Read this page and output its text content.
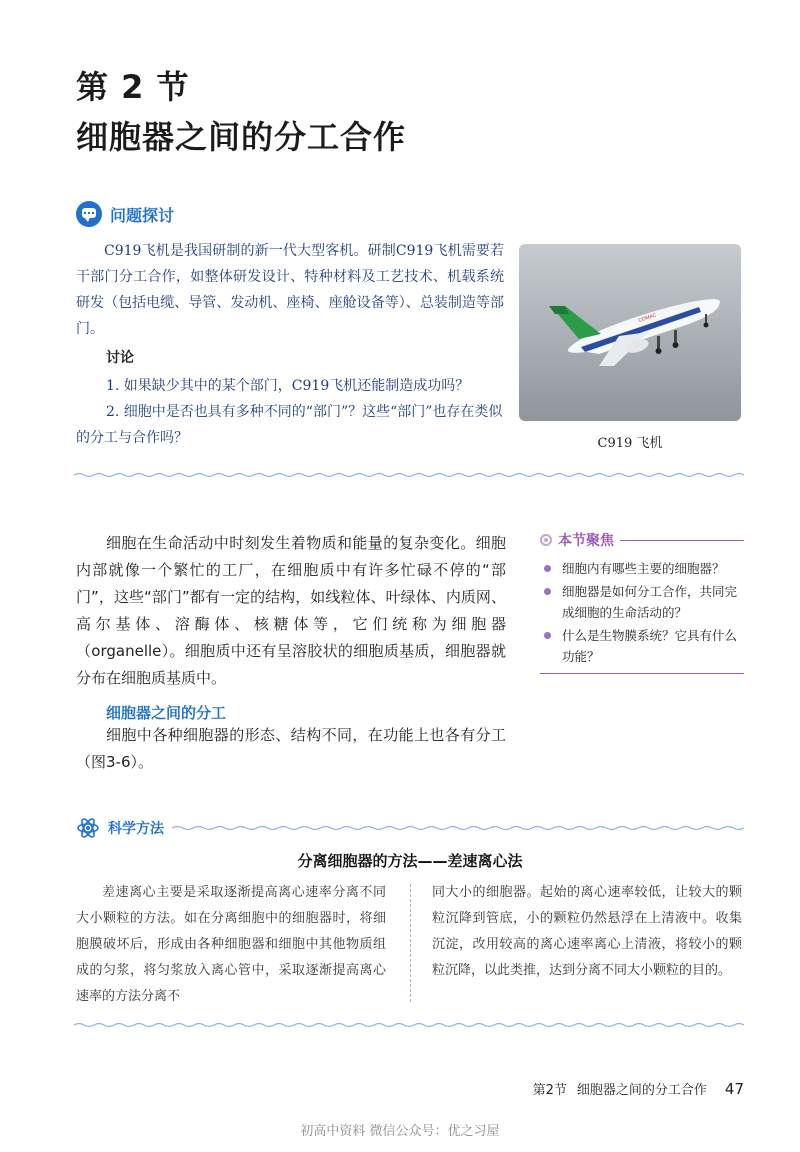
第 2 节
细胞器之间的分工合作
问题探讨

C919飞机是我国研制的新一代大型客机。研制C919飞机需要若干部门分工合作，如整体研发设计、特种材料及工艺技术、机载系统研发（包括电缆、导管、发动机、座椅、座舱设备等）、总装制造等部门。

讨论
1. 如果缺少其中的某个部门，C919飞机还能制造成功吗？
2. 细胞中是否也具有多种不同的“部门”？这些“部门”也存在类似的分工与合作吗？
COMAC
C919 飞机

细胞在生命活动中时刻发生着物质和能量的复杂变化。细胞内部就像一个繁忙的工厂，在细胞质中有许多忙碌不停的“部门”，这些“部门”都有一定的结构，如线粒体、叶绿体、内质网、高尔基体、溶酶体、核糖体等，它们统称为细胞器（organelle）。细胞质中还有呈溶胶状的细胞质基质，细胞器就分布在细胞质基质中。

本节聚焦
细胞内有哪些主要的细胞器？
细胞器是如何分工合作，共同完成细胞的生命活动的？
什么是生物膜系统？它具有什么功能？
细胞器之间的分工

细胞中各种细胞器的形态、结构不同，在功能上也各有分工（图3-6）。

科学方法
分离细胞器的方法——差速离心法

差速离心主要是采取逐渐提高离心速率分离不同大小颗粒的方法。如在分离细胞中的细胞器时，将细胞膜破坏后，形成由各种细胞器和细胞中其他物质组成的匀浆，将匀浆放入离心管中，采取逐渐提高离心速率的方法分离不

同大小的细胞器。起始的离心速率较低，让较大的颗粒沉降到管底，小的颗粒仍然悬浮在上清液中。收集沉淀，改用较高的离心速率离心上清液，将较小的颗粒沉降，以此类推，达到分离不同大小颗粒的目的。

第2节 细胞器之间的分工合作 47
初高中资料 微信公众号：优之习屋
